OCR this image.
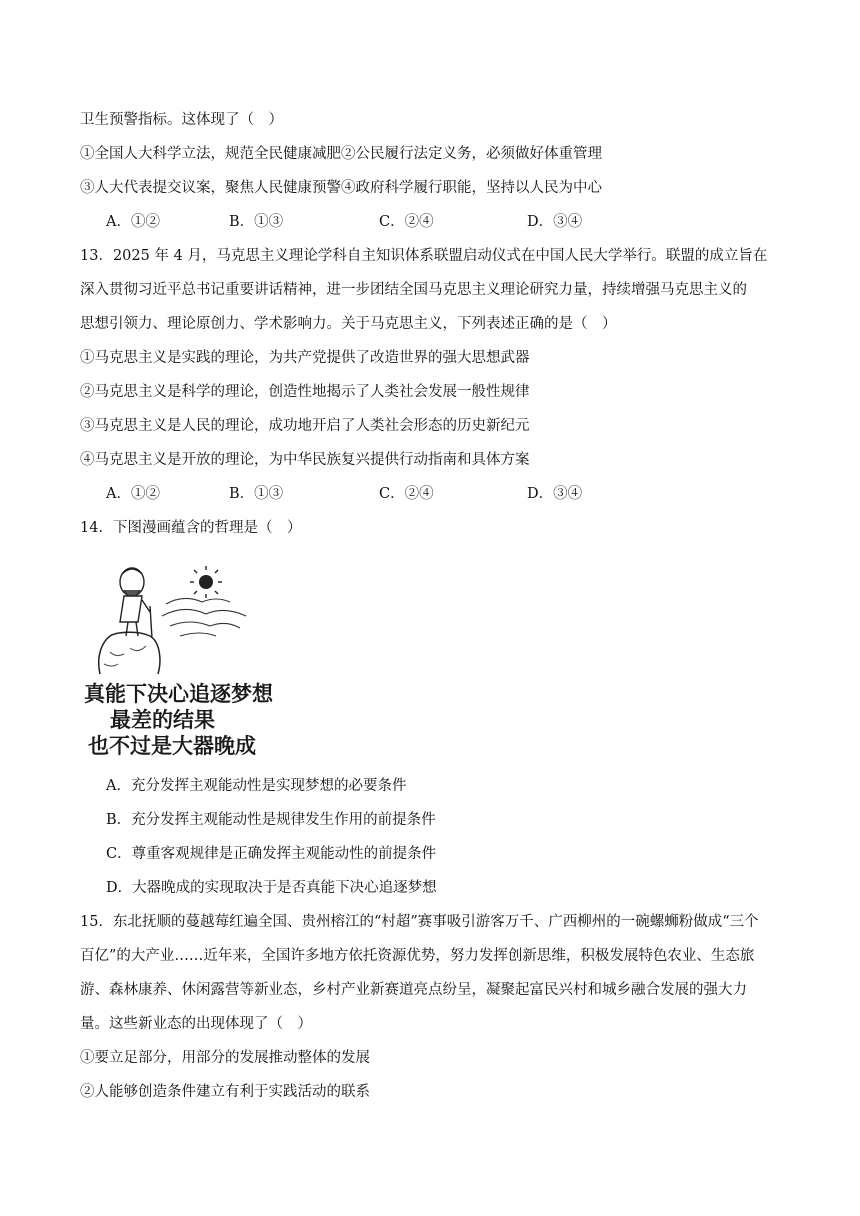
卫生预警指标。这体现了（　）
①全国人大科学立法，规范全民健康减肥②公民履行法定义务，必须做好体重管理
③人大代表提交议案，聚焦人民健康预警④政府科学履行职能，坚持以人民为中心
A．①②	B．①③	C．②④	D．③④
13．2025 年 4 月，马克思主义理论学科自主知识体系联盟启动仪式在中国人民大学举行。联盟的成立旨在
深入贯彻习近平总书记重要讲话精神，进一步团结全国马克思主义理论研究力量，持续增强马克思主义的
思想引领力、理论原创力、学术影响力。关于马克思主义，下列表述正确的是（　）
①马克思主义是实践的理论，为共产党提供了改造世界的强大思想武器
②马克思主义是科学的理论，创造性地揭示了人类社会发展一般性规律
③马克思主义是人民的理论，成功地开启了人类社会形态的历史新纪元
④马克思主义是开放的理论，为中华民族复兴提供行动指南和具体方案
A．①②	B．①③	C．②④	D．③④
14．下图漫画蕴含的哲理是（　）
真能下决心追逐梦想
最差的结果
也不过是大器晚成
A．充分发挥主观能动性是实现梦想的必要条件
B．充分发挥主观能动性是规律发生作用的前提条件
C．尊重客观规律是正确发挥主观能动性的前提条件
D．大器晚成的实现取决于是否真能下决心追逐梦想
15．东北抚顺的蔓越莓红遍全国、贵州榕江的“村超”赛事吸引游客万千、广西柳州的一碗螺蛳粉做成“三个
百亿”的大产业……近年来，全国许多地方依托资源优势，努力发挥创新思维，积极发展特色农业、生态旅
游、森林康养、休闲露营等新业态，乡村产业新赛道亮点纷呈，凝聚起富民兴村和城乡融合发展的强大力
量。这些新业态的出现体现了（　）
①要立足部分，用部分的发展推动整体的发展
②人能够创造条件建立有利于实践活动的联系
